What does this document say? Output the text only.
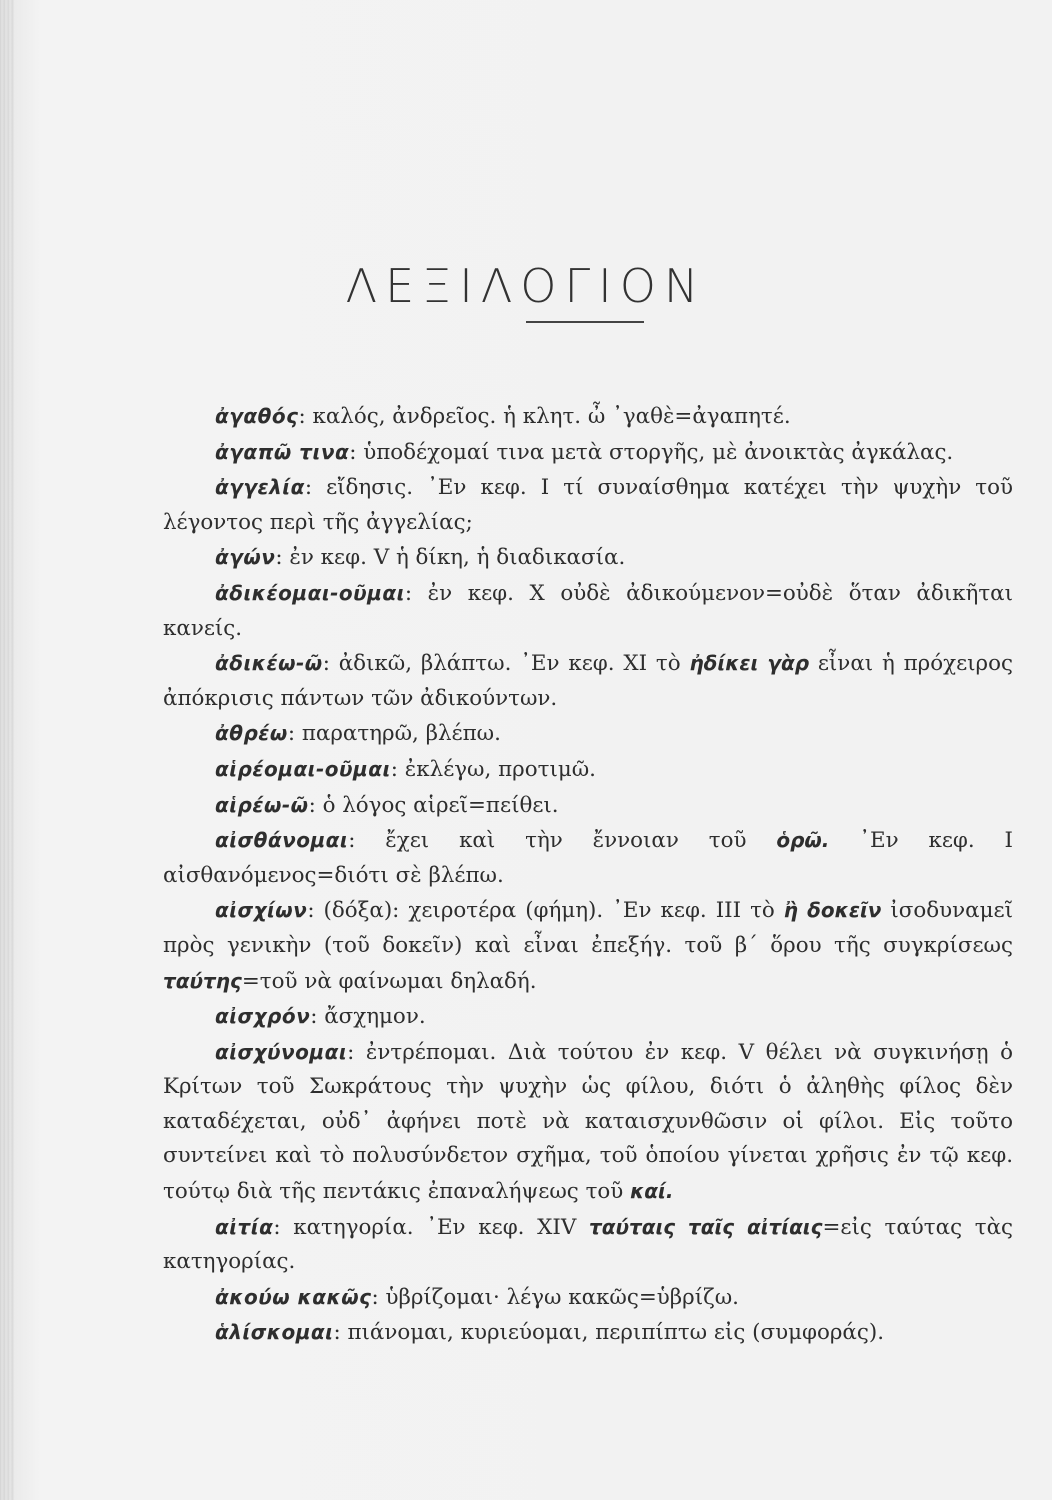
ΛΕΞΙΛΟΓΙΟΝ

ἀγαθός: καλός, ἀνδρεῖος. ἡ κλητ. ὦ ᾽γαθὲ=ἀγαπητέ.

ἀγαπῶ τινα: ὑποδέχομαί τινα μετὰ στοργῆς, μὲ ἀνοικτὰς ἀγκάλας.

ἀγγελία: εἴδησις. ᾽Εν κεφ. I τί συναίσθημα κατέχει τὴν ψυχὴν τοῦ λέγοντος περὶ τῆς ἀγγελίας;

ἀγών: ἐν κεφ. V ἡ δίκη, ἡ διαδικασία.

ἀδικέομαι-οῦμαι: ἐν κεφ. X οὐδὲ ἀδικούμενον=οὐδὲ ὅταν ἀδικῆται κανείς.

ἀδικέω-ῶ: ἀδικῶ, βλάπτω. ᾽Εν κεφ. XI τὸ ἠδίκει γὰρ εἶναι ἡ πρόχειρος ἀπόκρισις πάντων τῶν ἀδικούντων.

ἀθρέω: παρατηρῶ, βλέπω.

αἱρέομαι-οῦμαι: ἐκλέγω, προτιμῶ.

αἱρέω-ῶ: ὁ λόγος αἱρεῖ=πείθει.

αἰσθάνομαι: ἔχει καὶ τὴν ἔννοιαν τοῦ ὁρῶ. ᾽Εν κεφ. I αἰσθανόμενος=διότι σὲ βλέπω.

αἰσχίων: (δόξα): χειροτέρα (φήμη). ᾽Εν κεφ. III τὸ ἢ δοκεῖν ἰσοδυναμεῖ πρὸς γενικὴν (τοῦ δοκεῖν) καὶ εἶναι ἐπεξήγ. τοῦ β´ ὅρου τῆς συγκρίσεως ταύτης=τοῦ νὰ φαίνωμαι δηλαδή.

αἰσχρόν: ἄσχημον.

αἰσχύνομαι: ἐντρέπομαι. Διὰ τούτου ἐν κεφ. V θέλει νὰ συγκινήσῃ ὁ Κρίτων τοῦ Σωκράτους τὴν ψυχὴν ὡς φίλου, διότι ὁ ἀληθὴς φίλος δὲν καταδέχεται, οὐδ᾽ ἀφήνει ποτὲ νὰ καταισχυνθῶσιν οἱ φίλοι. Εἰς τοῦτο συντείνει καὶ τὸ πολυσύνδετον σχῆμα, τοῦ ὁποίου γίνεται χρῆσις ἐν τῷ κεφ. τούτῳ διὰ τῆς πεντάκις ἐπαναλήψεως τοῦ καί.

αἰτία: κατηγορία. ᾽Εν κεφ. XIV ταύταις ταῖς αἰτίαις=εἰς ταύτας τὰς κατηγορίας.

ἀκούω κακῶς: ὑβρίζομαι· λέγω κακῶς=ὑβρίζω.

ἁλίσκομαι: πιάνομαι, κυριεύομαι, περιπίπτω εἰς (συμφοράς).
